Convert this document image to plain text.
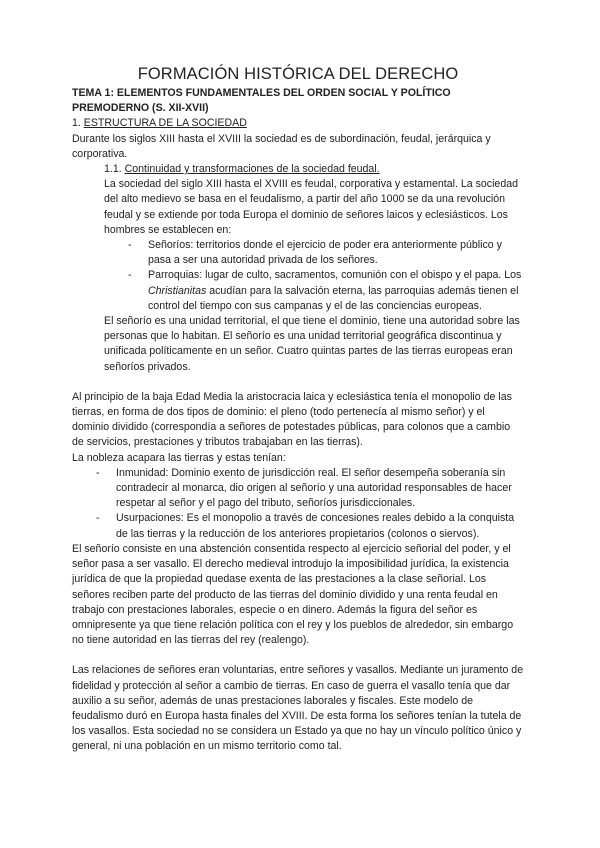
FORMACIÓN HISTÓRICA DEL DERECHO

TEMA 1: ELEMENTOS FUNDAMENTALES DEL ORDEN SOCIAL Y POLÍTICO PREMODERNO (S. XII-XVII)

1. ESTRUCTURA DE LA SOCIEDAD

Durante los siglos XIII hasta el XVIII la sociedad es de subordinación, feudal, jerárquica y corporativa.

1.1. Continuidad y transformaciones de la sociedad feudal.

La sociedad del siglo XIII hasta el XVIII es feudal, corporativa y estamental. La sociedad del alto medievo se basa en el feudalismo, a partir del año 1000 se da una revolución feudal y se extiende por toda Europa el dominio de señores laicos y eclesiásticos. Los hombres se establecen en:

- Señoríos: territorios donde el ejercicio de poder era anteriormente público y pasa a ser una autoridad privada de los señores.
- Parroquias: lugar de culto, sacramentos, comunión con el obispo y el papa. Los Christianitas acudían para la salvación eterna, las parroquias además tienen el control del tiempo con sus campanas y el de las conciencias europeas.

El señorío es una unidad territorial, el que tiene el dominio, tiene una autoridad sobre las personas que lo habitan. El señorío es una unidad territorial geográfica discontinua y unificada políticamente en un señor. Cuatro quintas partes de las tierras europeas eran señoríos privados.

Al principio de la baja Edad Media la aristocracia laica y eclesiástica tenía el monopolio de las tierras, en forma de dos tipos de dominio: el pleno (todo pertenecía al mismo señor) y el dominio dividido (correspondía a señores de potestades públicas, para colonos que a cambio de servicios, prestaciones y tributos trabajaban en las tierras).

La nobleza acapara las tierras y estas tenían:

- Inmunidad: Dominio exento de jurisdicción real. El señor desempeña soberanía sin contradecir al monarca, dio origen al señorío y una autoridad responsables de hacer respetar al señor y el pago del tributo, señoríos jurisdiccionales.
- Usurpaciones: Es el monopolio a través de concesiones reales debido a la conquista de las tierras y la reducción de los anteriores propietarios (colonos o siervos).

El señorío consiste en una abstención consentida respecto al ejercicio señorial del poder, y el señor pasa a ser vasallo. El derecho medieval introdujo la imposibilidad jurídica, la existencia jurídica de que la propiedad quedase exenta de las prestaciones a la clase señorial. Los señores reciben parte del producto de las tierras del dominio dividido y una renta feudal en trabajo con prestaciones laborales, especie o en dinero. Además la figura del señor es omnipresente ya que tiene relación política con el rey y los pueblos de alrededor, sin embargo no tiene autoridad en las tierras del rey (realengo).

Las relaciones de señores eran voluntarias, entre señores y vasallos. Mediante un juramento de fidelidad y protección al señor a cambio de tierras. En caso de guerra el vasallo tenía que dar auxilio a su señor, además de unas prestaciones laborales y fiscales. Este modelo de feudalismo duró en Europa hasta finales del XVIII. De esta forma los señores tenían la tutela de los vasallos. Esta sociedad no se considera un Estado ya que no hay un vínculo político único y general, ni una población en un mismo territorio como tal.
